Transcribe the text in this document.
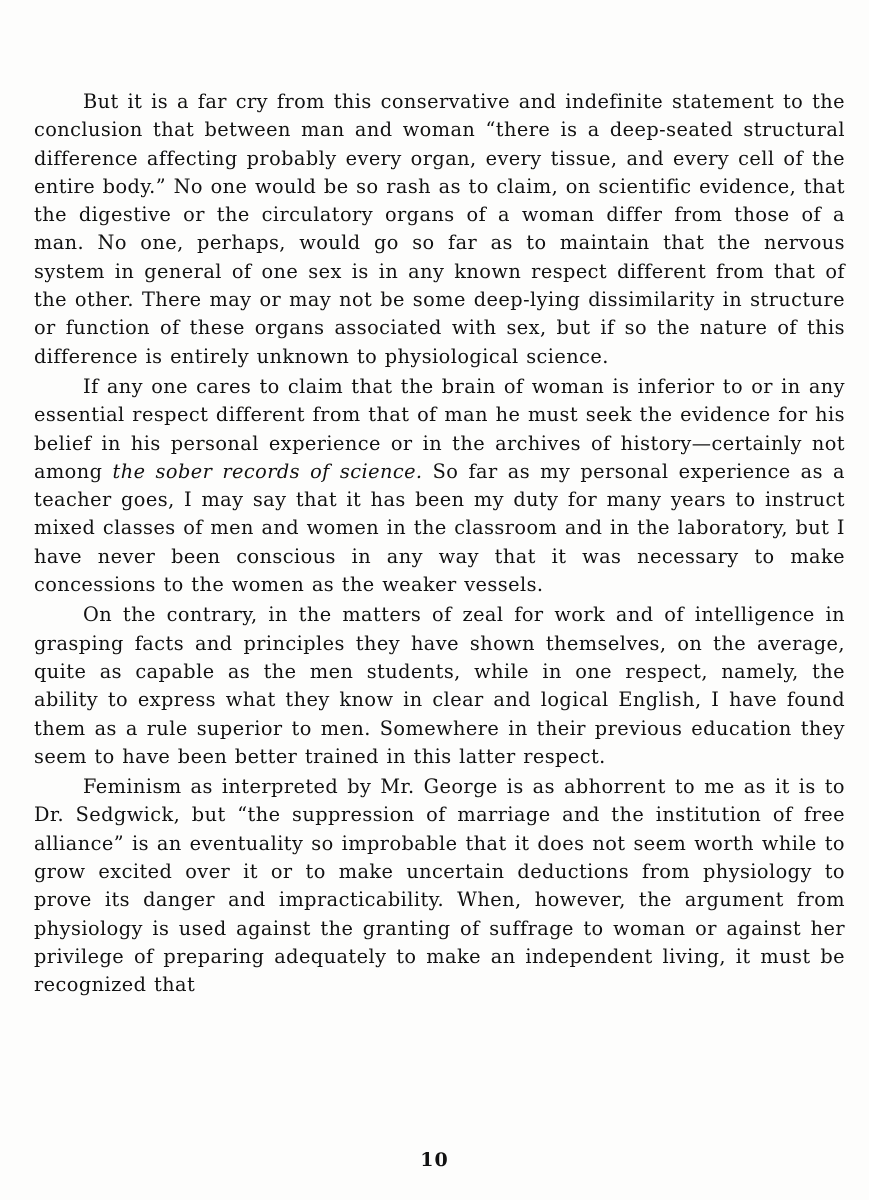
But it is a far cry from this conservative and indefinite statement to the conclusion that between man and woman “there is a deep-seated structural difference affecting probably every organ, every tissue, and every cell of the entire body.” No one would be so rash as to claim, on scientific evidence, that the digestive or the circulatory organs of a woman differ from those of a man. No one, perhaps, would go so far as to maintain that the nervous system in general of one sex is in any known respect different from that of the other. There may or may not be some deep-lying dissimilarity in structure or function of these organs associated with sex, but if so the nature of this difference is entirely unknown to physiological science.

If any one cares to claim that the brain of woman is inferior to or in any essential respect different from that of man he must seek the evidence for his belief in his personal experience or in the archives of history—certainly not among the sober records of science. So far as my personal experience as a teacher goes, I may say that it has been my duty for many years to instruct mixed classes of men and women in the classroom and in the laboratory, but I have never been conscious in any way that it was necessary to make concessions to the women as the weaker vessels.

On the contrary, in the matters of zeal for work and of intelligence in grasping facts and principles they have shown themselves, on the average, quite as capable as the men students, while in one respect, namely, the ability to express what they know in clear and logical English, I have found them as a rule superior to men. Somewhere in their previous education they seem to have been better trained in this latter respect.

Feminism as interpreted by Mr. George is as abhorrent to me as it is to Dr. Sedgwick, but “the suppression of marriage and the institution of free alliance” is an eventuality so improbable that it does not seem worth while to grow excited over it or to make uncertain deductions from physiology to prove its danger and impracticability. When, however, the argument from physiology is used against the granting of suffrage to woman or against her privilege of preparing adequately to make an independent living, it must be recognized that

10
